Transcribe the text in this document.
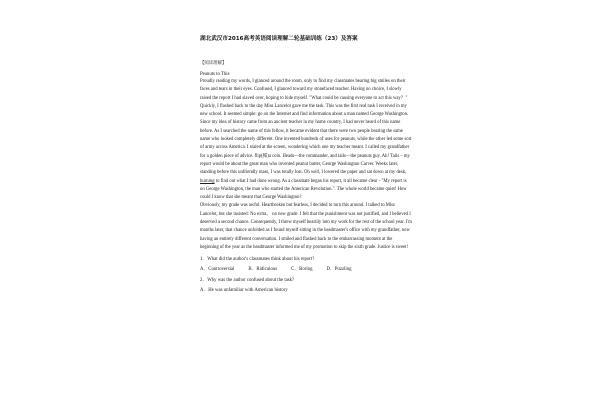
湖北武汉市2016高考英语阅读理解二轮基础训练（23）及答案

【阅读理解】

Peanuts to This

Proudly reading my words, I glanced around the room, only to find my classmates bearing big smiles on their faces and tears in their eyes. Confused, I glanced toward my stonefaced teacher. Having no choice, I slowly raised the report I had slaved over, hoping to hide myself. "What could be causing everyone to act this way？"

Quickly, I flashed back to the day Miss Lancelot gave me the task. This was the first real task I received in my new school. It seemed simple: go on the Internet and find information about a man named George Washington. Since my idea of history came from an ancient teacher in my home country, I had never heard of this name before. As I searched the name of this fellow, it became evident that there were two people bearing the same name who looked completely different. One invented hundreds of uses for peanuts, while the other led some sort of army across America. I stared at the screen, wondering which one my teacher meant. I called my grandfather for a golden piece of advice. flip(掷)a coin. Heads—the commander, and tails—the peanuts guy. Ah! Tails – my report would be about the great man who invented peanut butter, George Washington Carver. Weeks later, standing before this unfriendly mass, I was totally lost. Oh well, I lowered the paper and sat down at my desk, burning to find out what I had done wrong. As a classmate began his report, it all became clear - "My report is on George Washington, the man who started the American Revolution.". The whole world became quiet! How could I know that she meant that George Washington?

Obviously, my grade was awful. Heartbroken but fearless, I decided to turn this around. I talked to Miss Lancelot, but she insisted: No extra。 no new grade. I felt that the punishment was not justified, and I believed I deserved a second chance. Consequently, I threw myself heartily into my work for the rest of the school year. I'm months later, that chance unfolded as I found myself sitting in the headmaster's office with my grandfather, now having an entirely different conversation. I smiled and flashed back to the embarrassing moment at the beginning of the year as the headmaster informed me of my promotion to skip the sixth grade. Justice is sweet!

1．What did the author's classmates think about his report?

A．Controversial	B．Ridiculous	C．Boring	D．Puzzling

2．Why was the author confused about the task?

A．He was unfamiliar with American history
